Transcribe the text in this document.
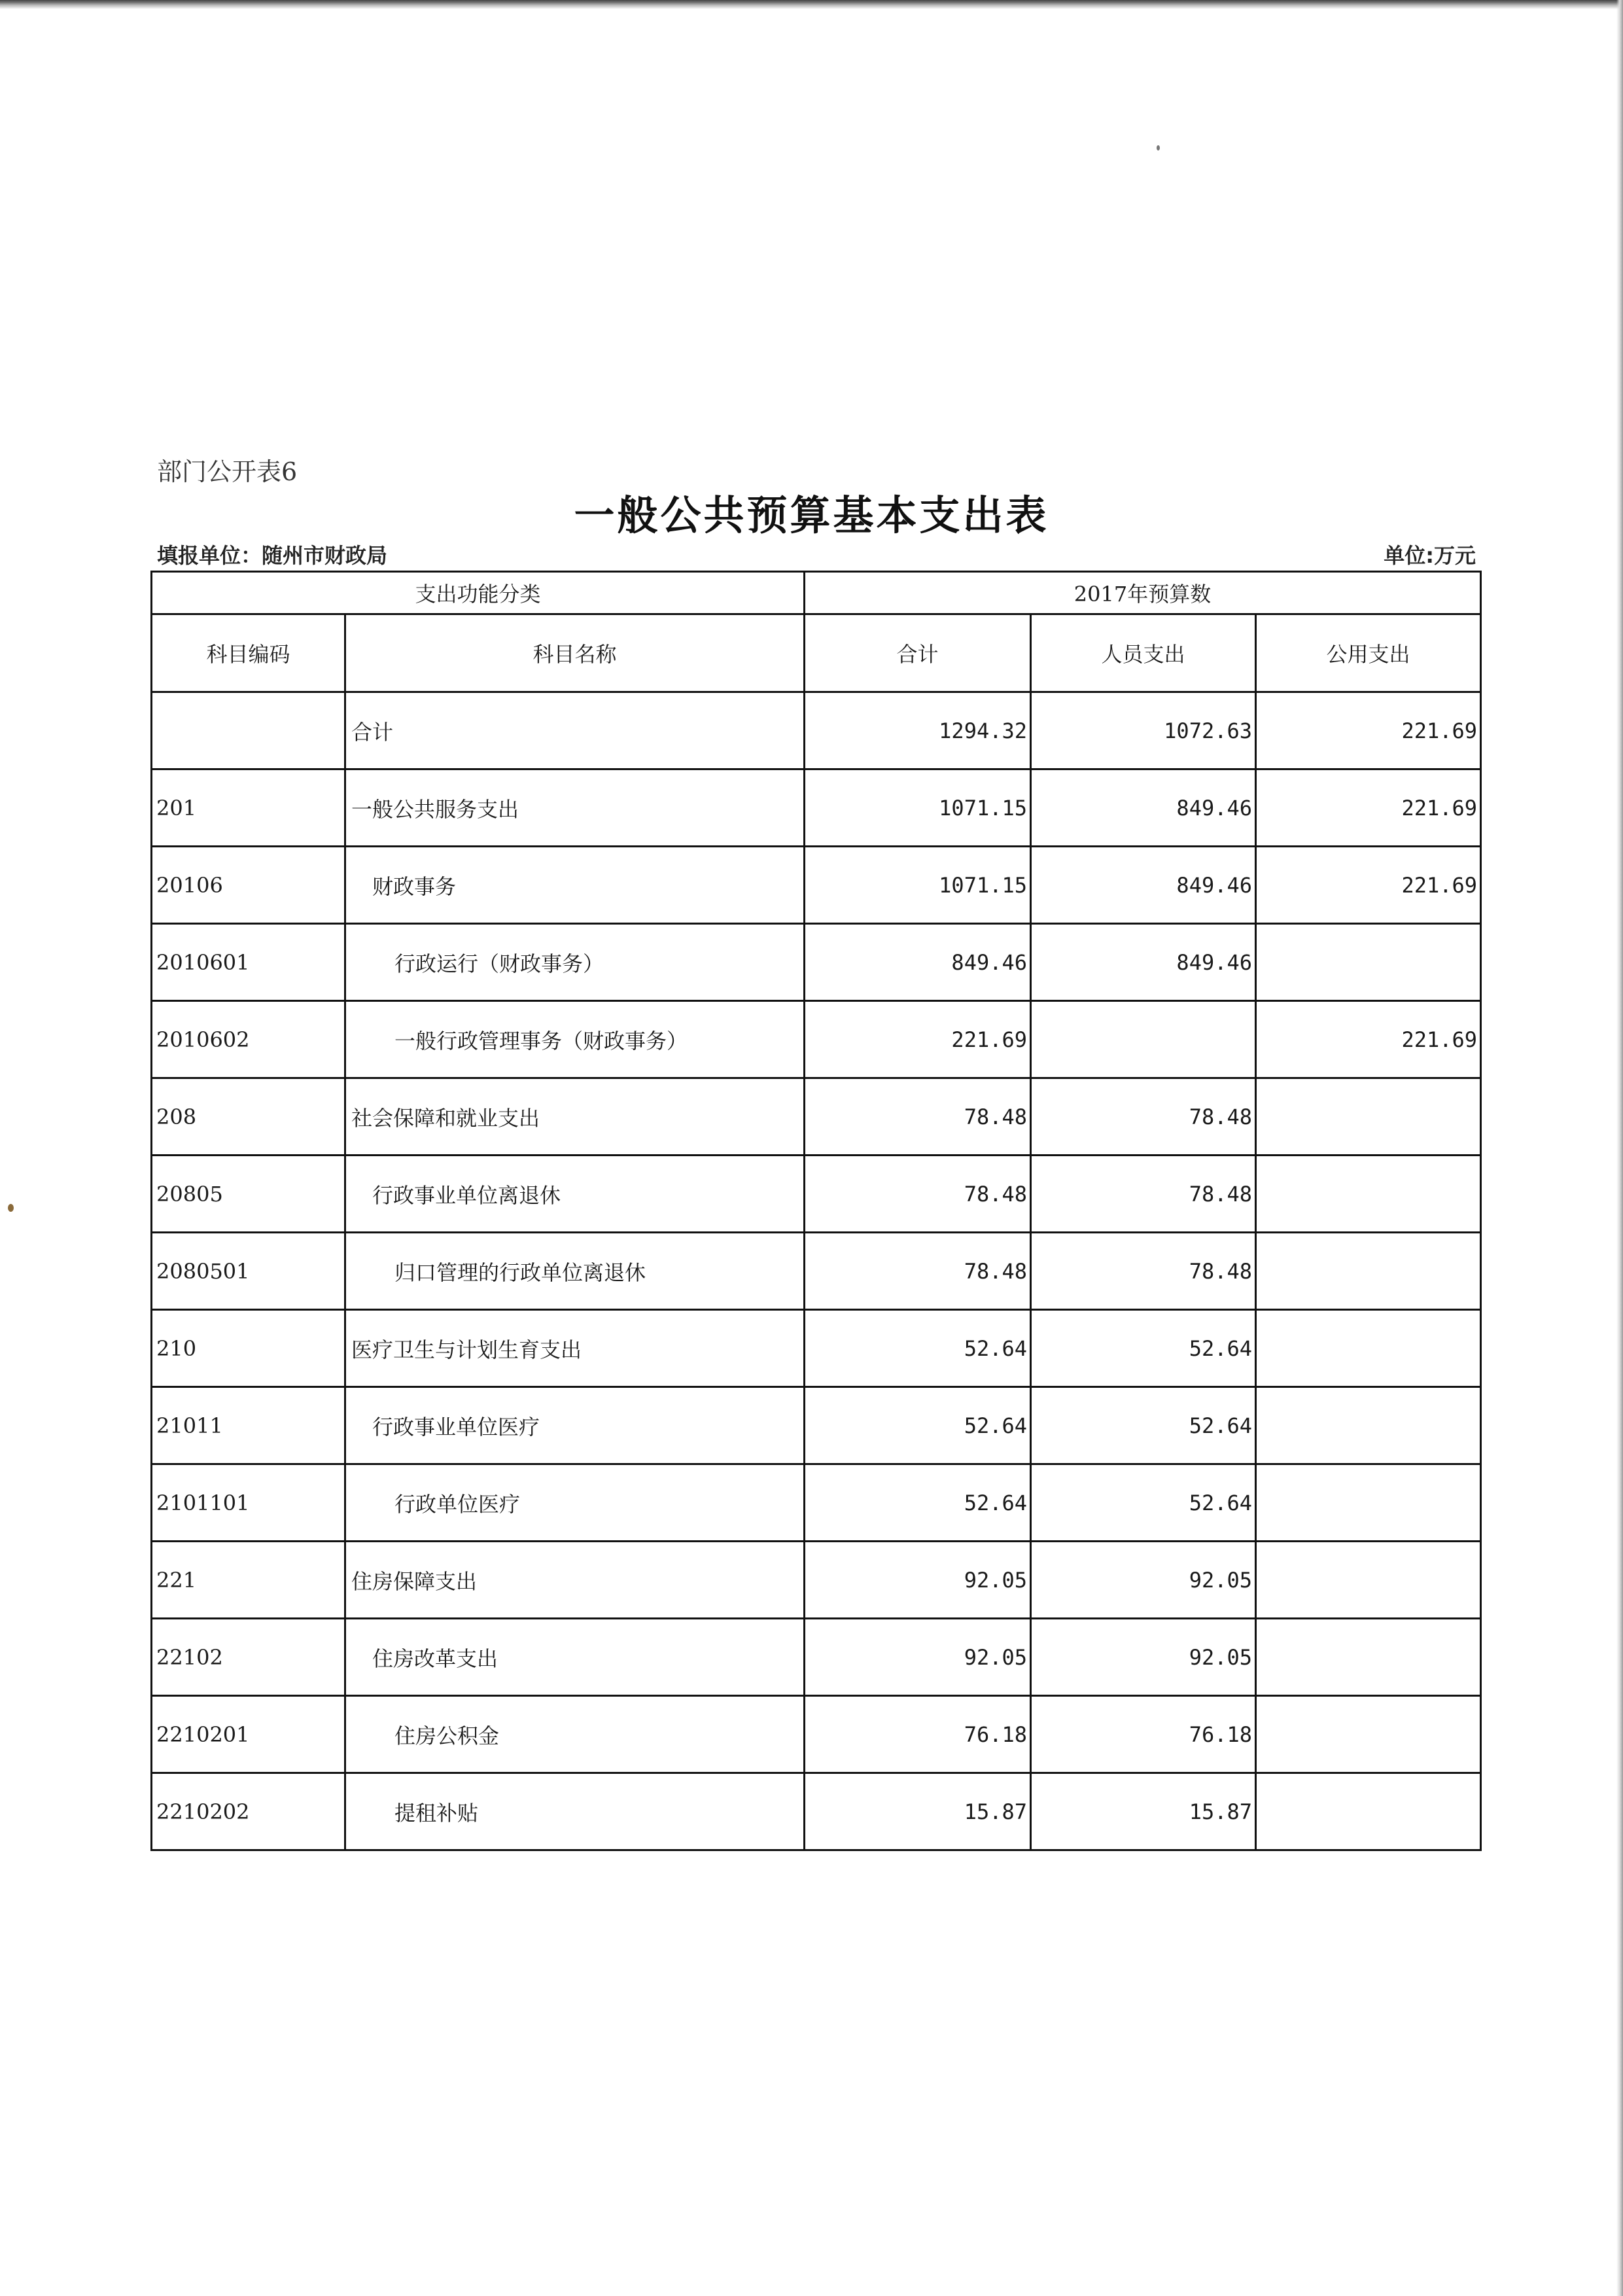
部门公开表6
一般公共预算基本支出表
填报单位：随州市财政局	单位:万元
支出功能分类		2017年预算数		
科目编码	科目名称	合计	人员支出	公用支出
	合计	1294.32	1072.63	221.69
201	一般公共服务支出	1071.15	849.46	221.69
20106	财政事务	1071.15	849.46	221.69
2010601	行政运行（财政事务）	849.46	849.46	
2010602	一般行政管理事务（财政事务）	221.69		221.69
208	社会保障和就业支出	78.48	78.48	
20805	行政事业单位离退休	78.48	78.48	
2080501	归口管理的行政单位离退休	78.48	78.48	
210	医疗卫生与计划生育支出	52.64	52.64	
21011	行政事业单位医疗	52.64	52.64	
2101101	行政单位医疗	52.64	52.64	
221	住房保障支出	92.05	92.05	
22102	住房改革支出	92.05	92.05	
2210201	住房公积金	76.18	76.18	
2210202	提租补贴	15.87	15.87	
